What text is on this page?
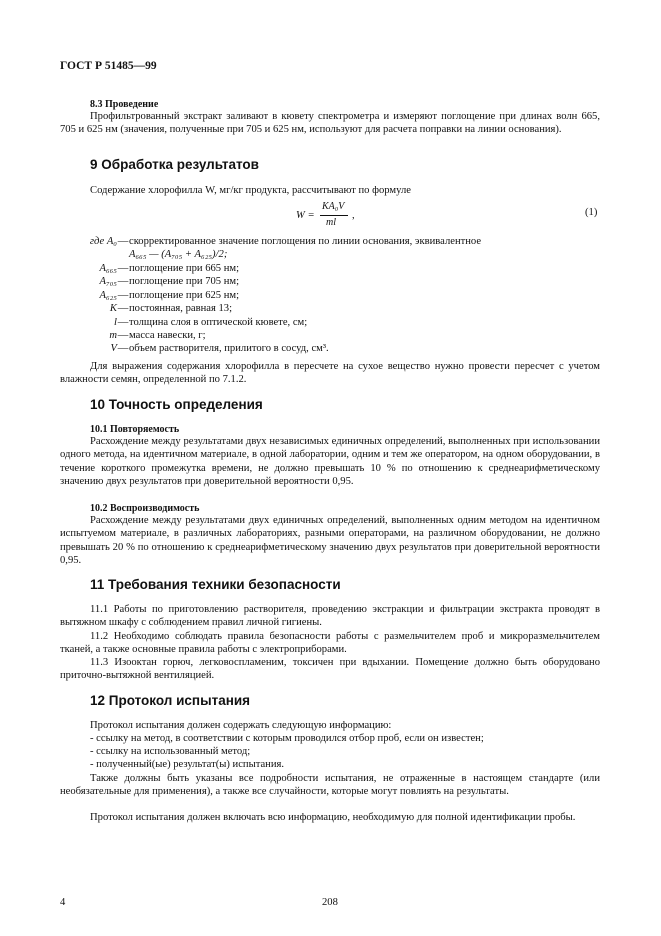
ГОСТ Р 51485—99
8.3 Проведение
Профильтрованный экстракт заливают в кювету спектрометра и измеряют поглощение при длинах волн 665, 705 и 625 нм (значения, полученные при 705 и 625 нм, используют для расчета поправки на линии основания).
9 Обработка результатов
Содержание хлорофилла W, мг/кг продукта, рассчитывают по формуле
W =
KA₀V
ml
,	(1)
где A₀—скорректированное значение поглощения по линии основания, эквивалентное
A₆₆₅ — (A₇₀₅ + A₆₂₅)/2;
A₆₆₅—поглощение при 665 нм;
A₇₀₅—поглощение при 705 нм;
A₆₂₅—поглощение при 625 нм;
K—постоянная, равная 13;
l—толщина слоя в оптической кювете, см;
m—масса навески, г;
V—объем растворителя, прилитого в сосуд, см³.
Для выражения содержания хлорофилла в пересчете на сухое вещество нужно провести пересчет с учетом влажности семян, определенной по 7.1.2.
10 Точность определения
10.1 Повторяемость
Расхождение между результатами двух независимых единичных определений, выполненных при использовании одного метода, на идентичном материале, в одной лаборатории, одним и тем же оператором, на одном оборудовании, в течение короткого промежутка времени, не должно превышать 10 % по отношению к среднеарифметическому значению двух результатов при доверительной вероятности 0,95.
10.2 Воспроизводимость
Расхождение между результатами двух единичных определений, выполненных одним методом на идентичном испытуемом материале, в различных лабораториях, разными операторами, на различном оборудовании, не должно превышать 20 % по отношению к среднеарифметическому значению двух результатов при доверительной вероятности 0,95.
11 Требования техники безопасности
11.1 Работы по приготовлению растворителя, проведению экстракции и фильтрации экстракта проводят в вытяжном шкафу с соблюдением правил личной гигиены.
11.2 Необходимо соблюдать правила безопасности работы с размельчителем проб и микроразмельчителем тканей, а также основные правила работы с электроприборами.
11.3 Изооктан горюч, легковоспламеним, токсичен при вдыхании. Помещение должно быть оборудовано приточно-вытяжной вентиляцией.
12 Протокол испытания
Протокол испытания должен содержать следующую информацию:
- ссылку на метод, в соответствии с которым проводился отбор проб, если он известен;
- ссылку на использованный метод;
- полученный(ые) результат(ы) испытания.
Также должны быть указаны все подробности испытания, не отраженные в настоящем стандарте (или необязательные для применения), а также все случайности, которые могут повлиять на результаты.
Протокол испытания должен включать всю информацию, необходимую для полной идентификации пробы.
4	208
